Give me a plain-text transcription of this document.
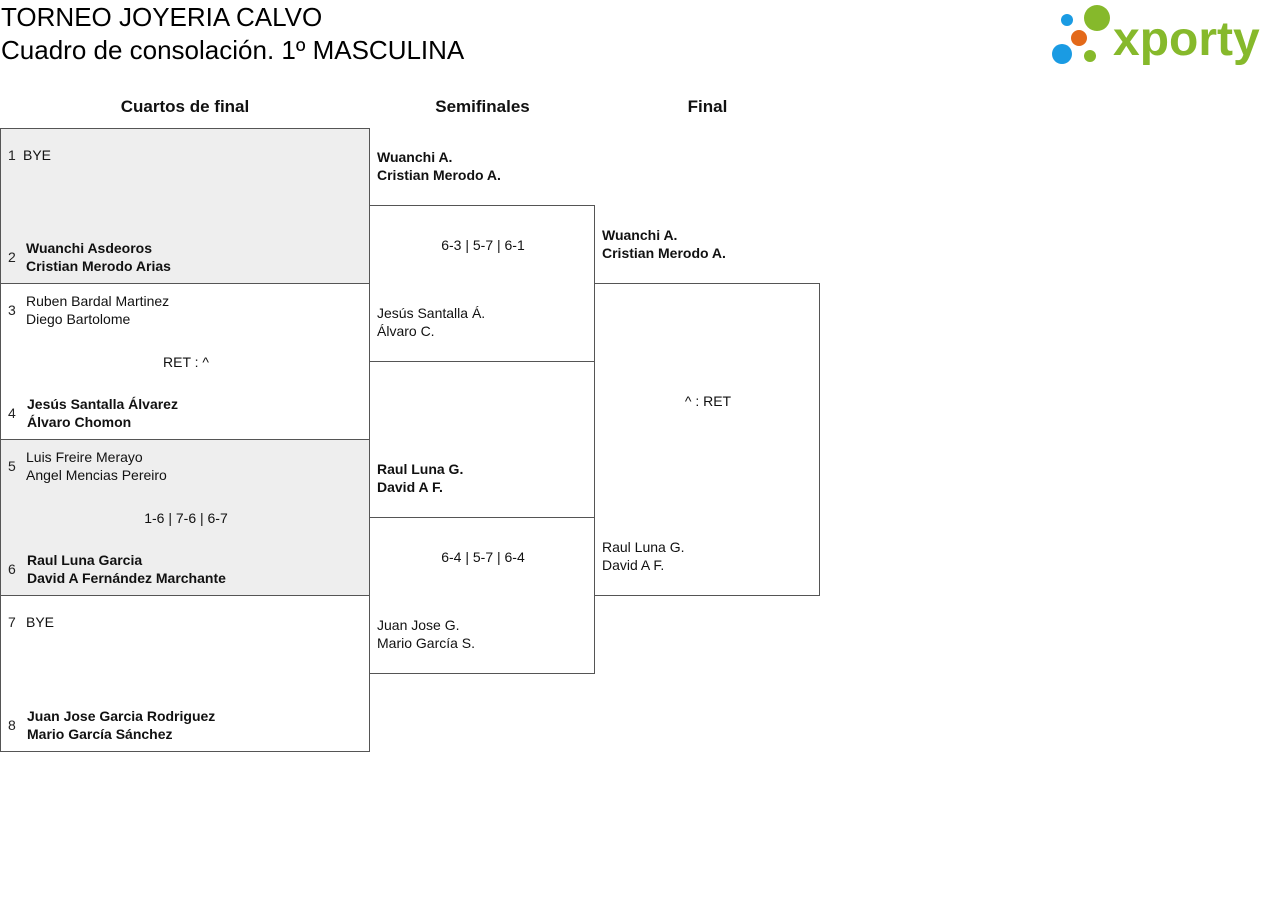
TORNEO JOYERIA CALVO
Cuadro de consolación. 1º MASCULINA	xporty
Cuartos de final	Semifinales	Final
1 BYE
2
Wuanchi Asdeoros
Cristian Merodo Arias
3
Ruben Bardal Martinez
Diego Bartolome
RET : ^
4
Jesús Santalla Álvarez
Álvaro Chomon
5
Luis Freire Merayo
Angel Mencias Pereiro
1-6 | 7-6 | 6-7
6
Raul Luna Garcia
David A Fernández Marchante
7 BYE
8
Juan Jose Garcia Rodriguez
Mario García Sánchez
Wuanchi A.
Cristian Merodo A.
6-3 | 5-7 | 6-1
Jesús Santalla Á.
Álvaro C.
Raul Luna G.
David A F.
6-4 | 5-7 | 6-4
Juan Jose G.
Mario García S.
Wuanchi A.
Cristian Merodo A.
^ : RET
Raul Luna G.
David A F.
